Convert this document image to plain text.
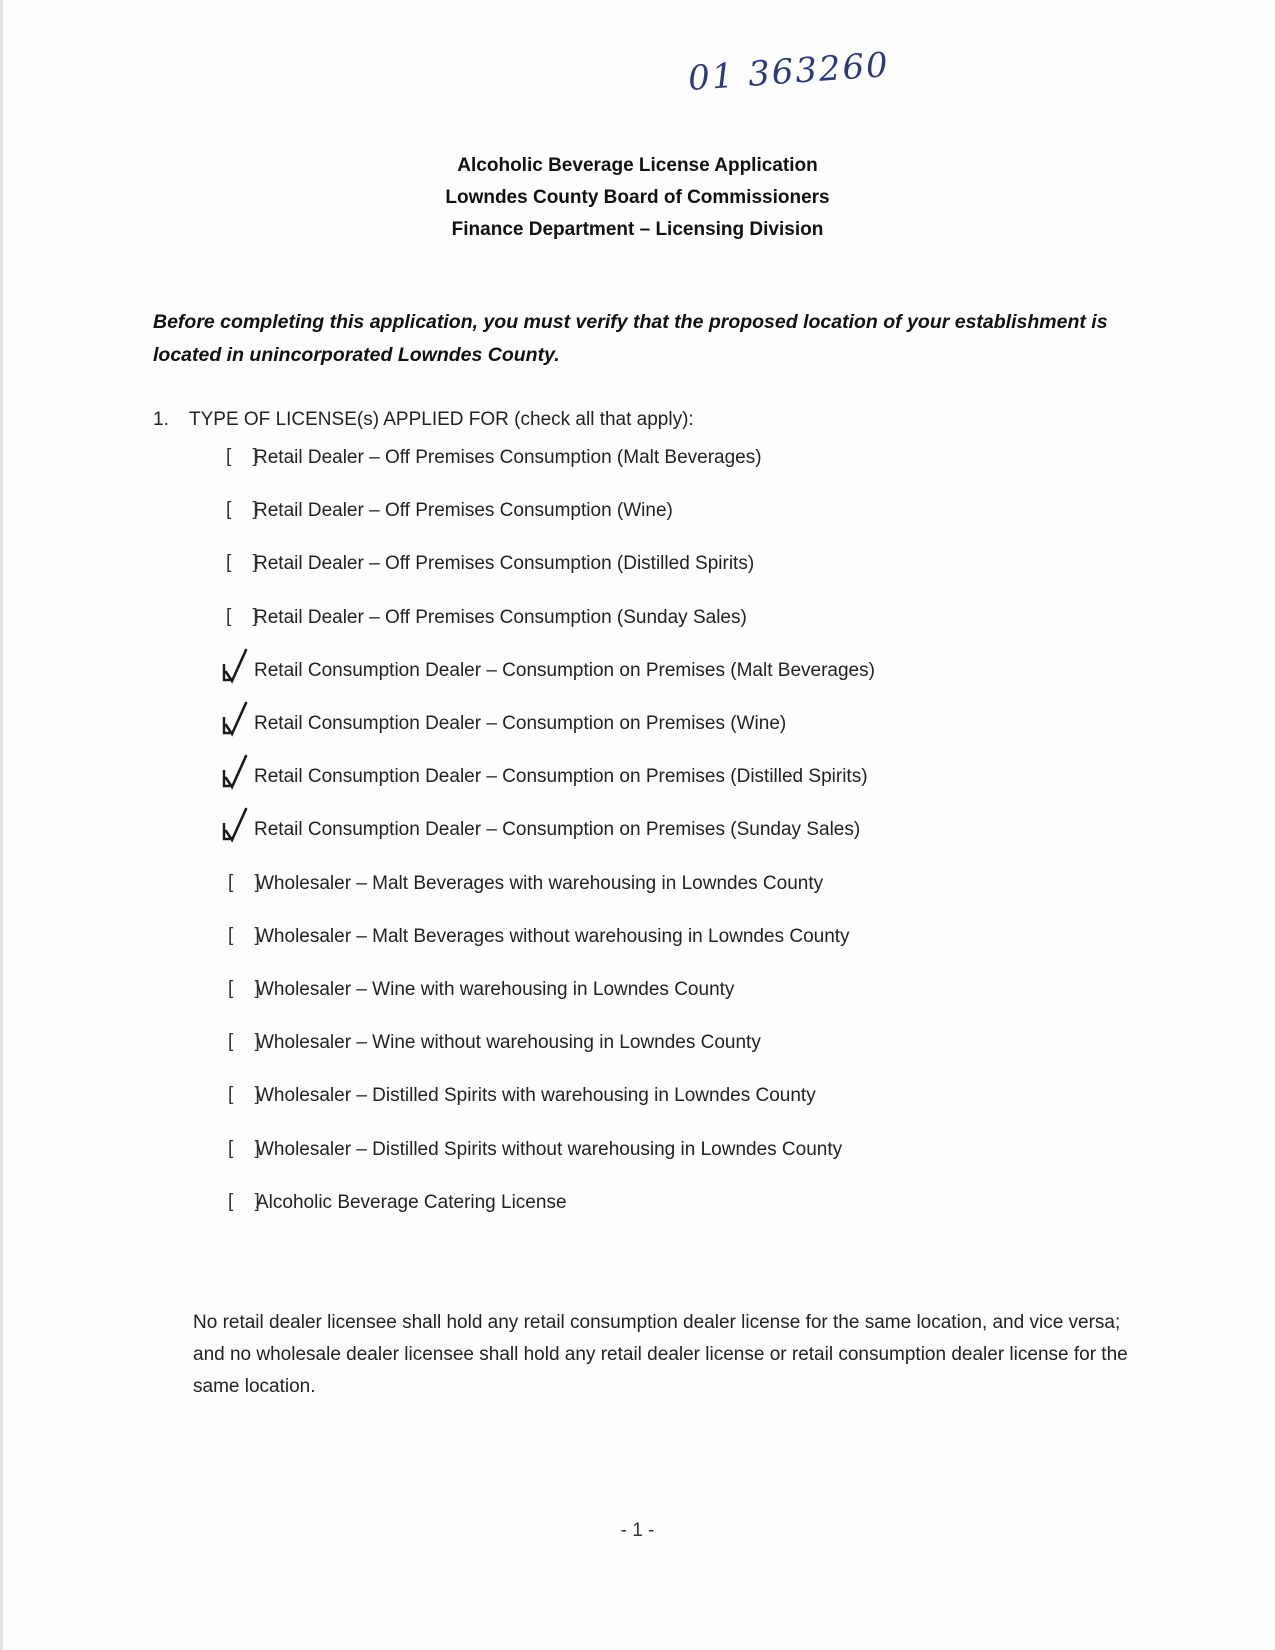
01 363260
Alcoholic Beverage License Application
Lowndes County Board of Commissioners
Finance Department – Licensing Division
Before completing this application, you must verify that the proposed location of your establishment is located in unincorporated Lowndes County.
1. TYPE OF LICENSE(s) APPLIED FOR (check all that apply):
[ ]
Retail Dealer – Off Premises Consumption (Malt Beverages)
[ ]
Retail Dealer – Off Premises Consumption (Wine)
[ ]
Retail Dealer – Off Premises Consumption (Distilled Spirits)
[ ]
Retail Dealer – Off Premises Consumption (Sunday Sales)
Retail Consumption Dealer – Consumption on Premises (Malt Beverages)
Retail Consumption Dealer – Consumption on Premises (Wine)
Retail Consumption Dealer – Consumption on Premises (Distilled Spirits)
Retail Consumption Dealer – Consumption on Premises (Sunday Sales)
[ ]
Wholesaler – Malt Beverages with warehousing in Lowndes County
[ ]
Wholesaler – Malt Beverages without warehousing in Lowndes County
[ ]
Wholesaler – Wine with warehousing in Lowndes County
[ ]
Wholesaler – Wine without warehousing in Lowndes County
[ ]
Wholesaler – Distilled Spirits with warehousing in Lowndes County
[ ]
Wholesaler – Distilled Spirits without warehousing in Lowndes County
[ ]
Alcoholic Beverage Catering License
No retail dealer licensee shall hold any retail consumption dealer license for the same location, and vice versa; and no wholesale dealer licensee shall hold any retail dealer license or retail consumption dealer license for the same location.
- 1 -
